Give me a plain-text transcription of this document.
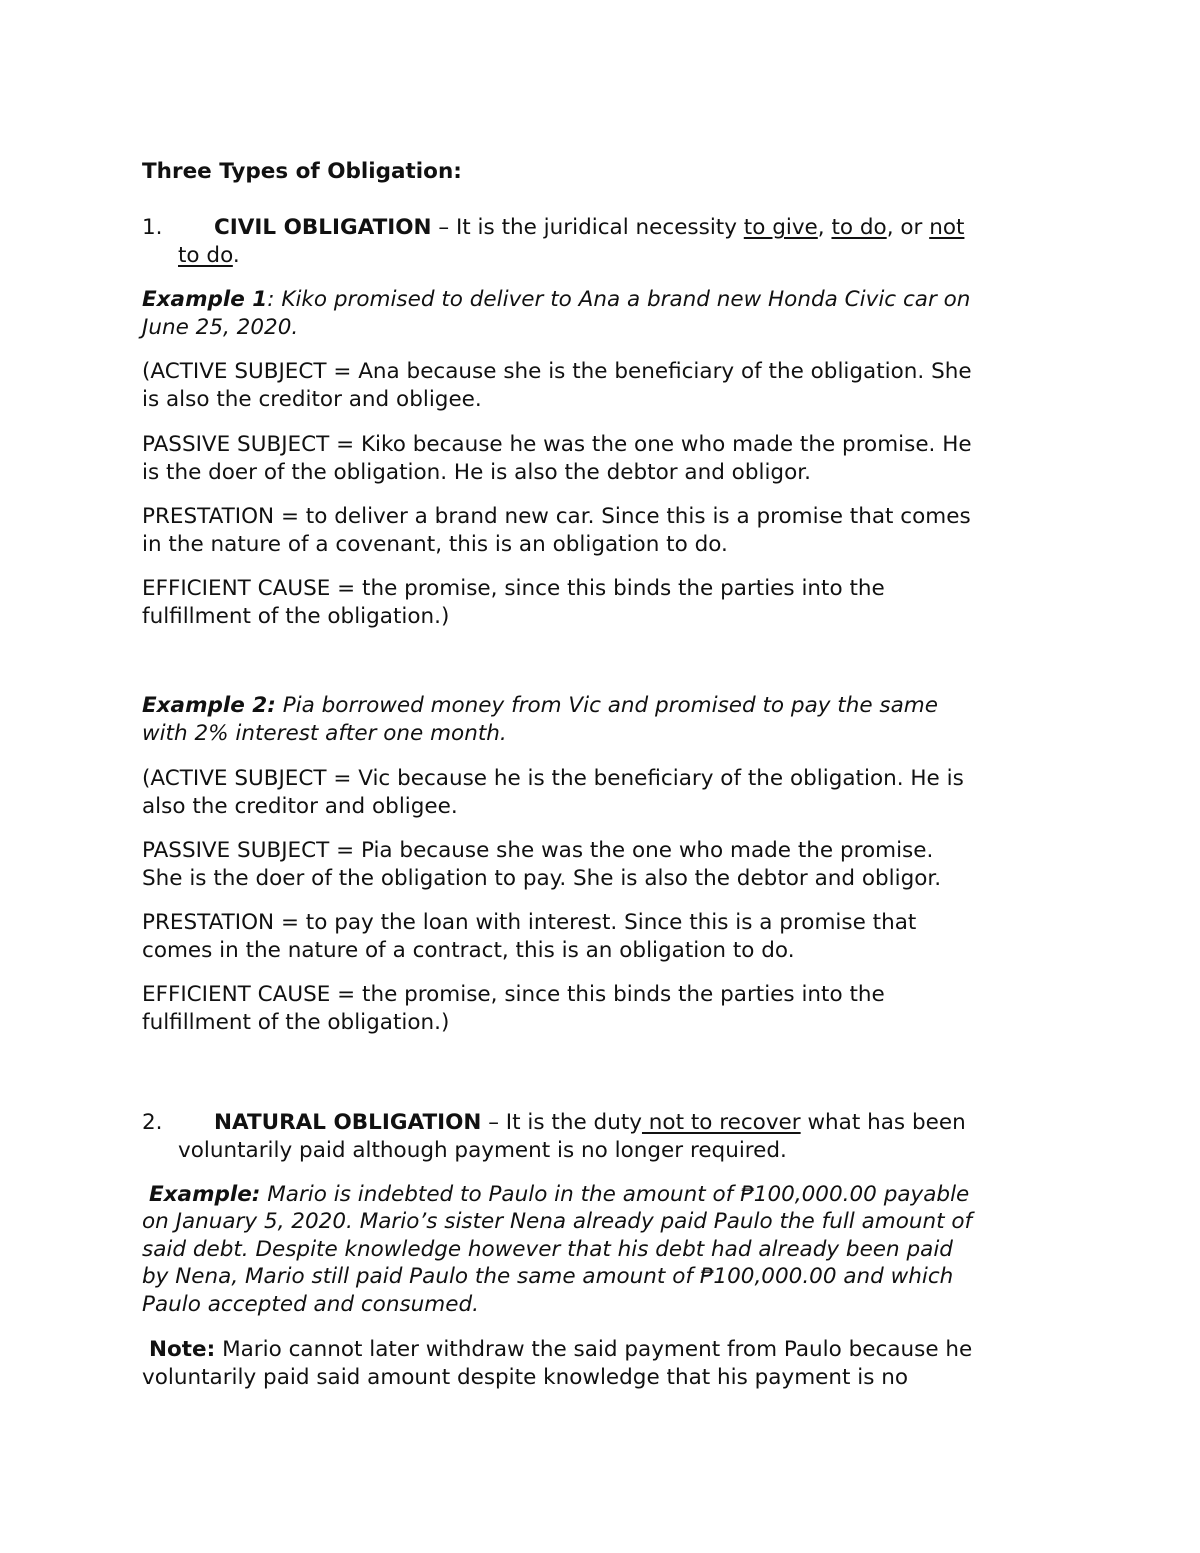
Three Types of Obligation:
1. CIVIL OBLIGATION – It is the juridical necessity to give, to do, or not
to do.
Example 1: Kiko promised to deliver to Ana a brand new Honda Civic car on
June 25, 2020.
(ACTIVE SUBJECT = Ana because she is the beneficiary of the obligation. She
is also the creditor and obligee.
PASSIVE SUBJECT = Kiko because he was the one who made the promise. He
is the doer of the obligation. He is also the debtor and obligor.
PRESTATION = to deliver a brand new car. Since this is a promise that comes
in the nature of a covenant, this is an obligation to do.
EFFICIENT CAUSE = the promise, since this binds the parties into the
fulfillment of the obligation.)
Example 2: Pia borrowed money from Vic and promised to pay the same
with 2% interest after one month.
(ACTIVE SUBJECT = Vic because he is the beneficiary of the obligation. He is
also the creditor and obligee.
PASSIVE SUBJECT = Pia because she was the one who made the promise.
She is the doer of the obligation to pay. She is also the debtor and obligor.
PRESTATION = to pay the loan with interest. Since this is a promise that
comes in the nature of a contract, this is an obligation to do.
EFFICIENT CAUSE = the promise, since this binds the parties into the
fulfillment of the obligation.)
2. NATURAL OBLIGATION – It is the duty not to recover what has been
voluntarily paid although payment is no longer required.
Example: Mario is indebted to Paulo in the amount of ₱100,000.00 payable
on January 5, 2020. Mario’s sister Nena already paid Paulo the full amount of
said debt. Despite knowledge however that his debt had already been paid
by Nena, Mario still paid Paulo the same amount of ₱100,000.00 and which
Paulo accepted and consumed.
Note: Mario cannot later withdraw the said payment from Paulo because he
voluntarily paid said amount despite knowledge that his payment is no
